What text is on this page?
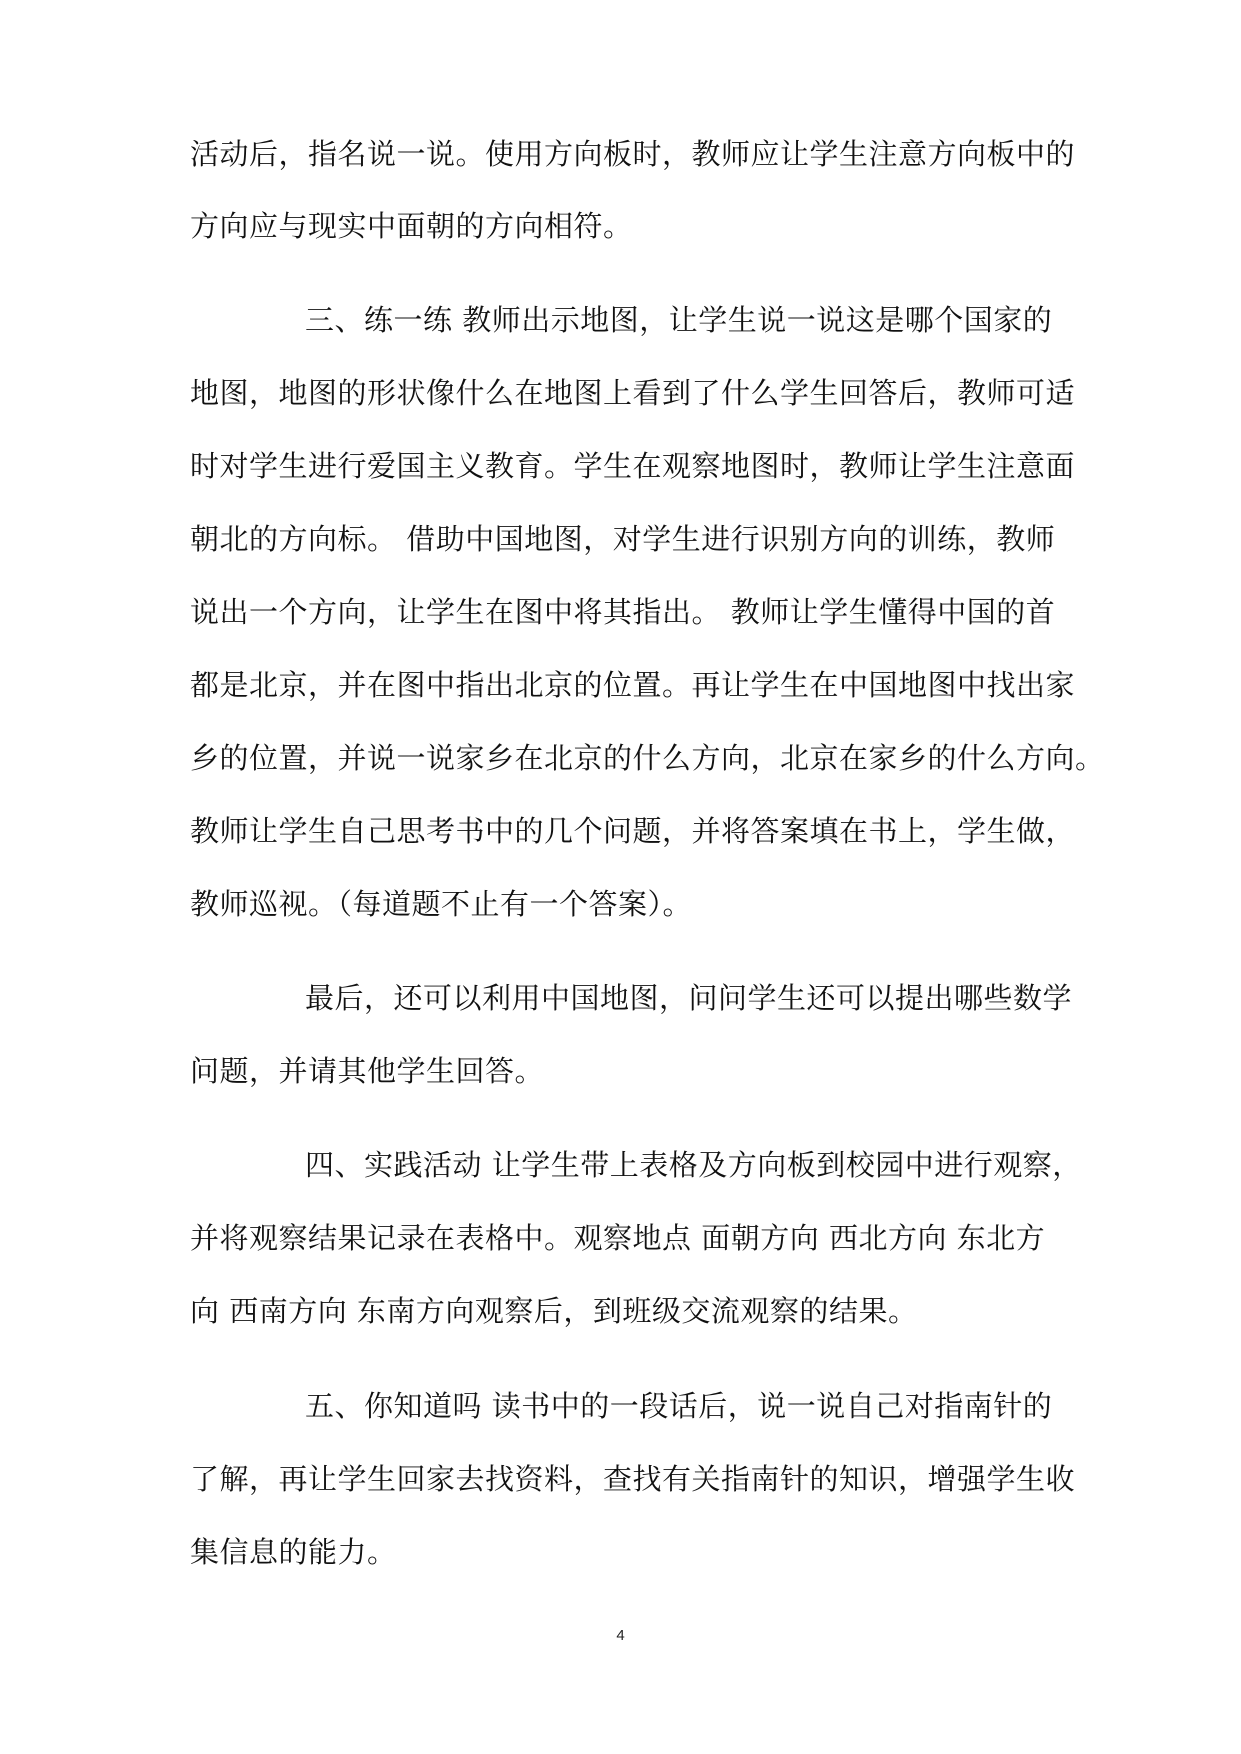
活动后，指名说一说。使用方向板时，教师应让学生注意方向板中的
方向应与现实中面朝的方向相符。
三、练一练 教师出示地图，让学生说一说这是哪个国家的
地图，地图的形状像什么在地图上看到了什么学生回答后，教师可适
时对学生进行爱国主义教育。学生在观察地图时，教师让学生注意面
朝北的方向标。 借助中国地图，对学生进行识别方向的训练，教师
说出一个方向，让学生在图中将其指出。 教师让学生懂得中国的首
都是北京，并在图中指出北京的位置。再让学生在中国地图中找出家
乡的位置，并说一说家乡在北京的什么方向，北京在家乡的什么方向。
教师让学生自己思考书中的几个问题，并将答案填在书上，学生做，
教师巡视。（每道题不止有一个答案）。
最后，还可以利用中国地图，问问学生还可以提出哪些数学
问题，并请其他学生回答。
四、实践活动 让学生带上表格及方向板到校园中进行观察，
并将观察结果记录在表格中。观察地点 面朝方向 西北方向 东北方
向 西南方向 东南方向观察后，到班级交流观察的结果。
五、你知道吗 读书中的一段话后，说一说自己对指南针的
了解，再让学生回家去找资料，查找有关指南针的知识，增强学生收
集信息的能力。
4
